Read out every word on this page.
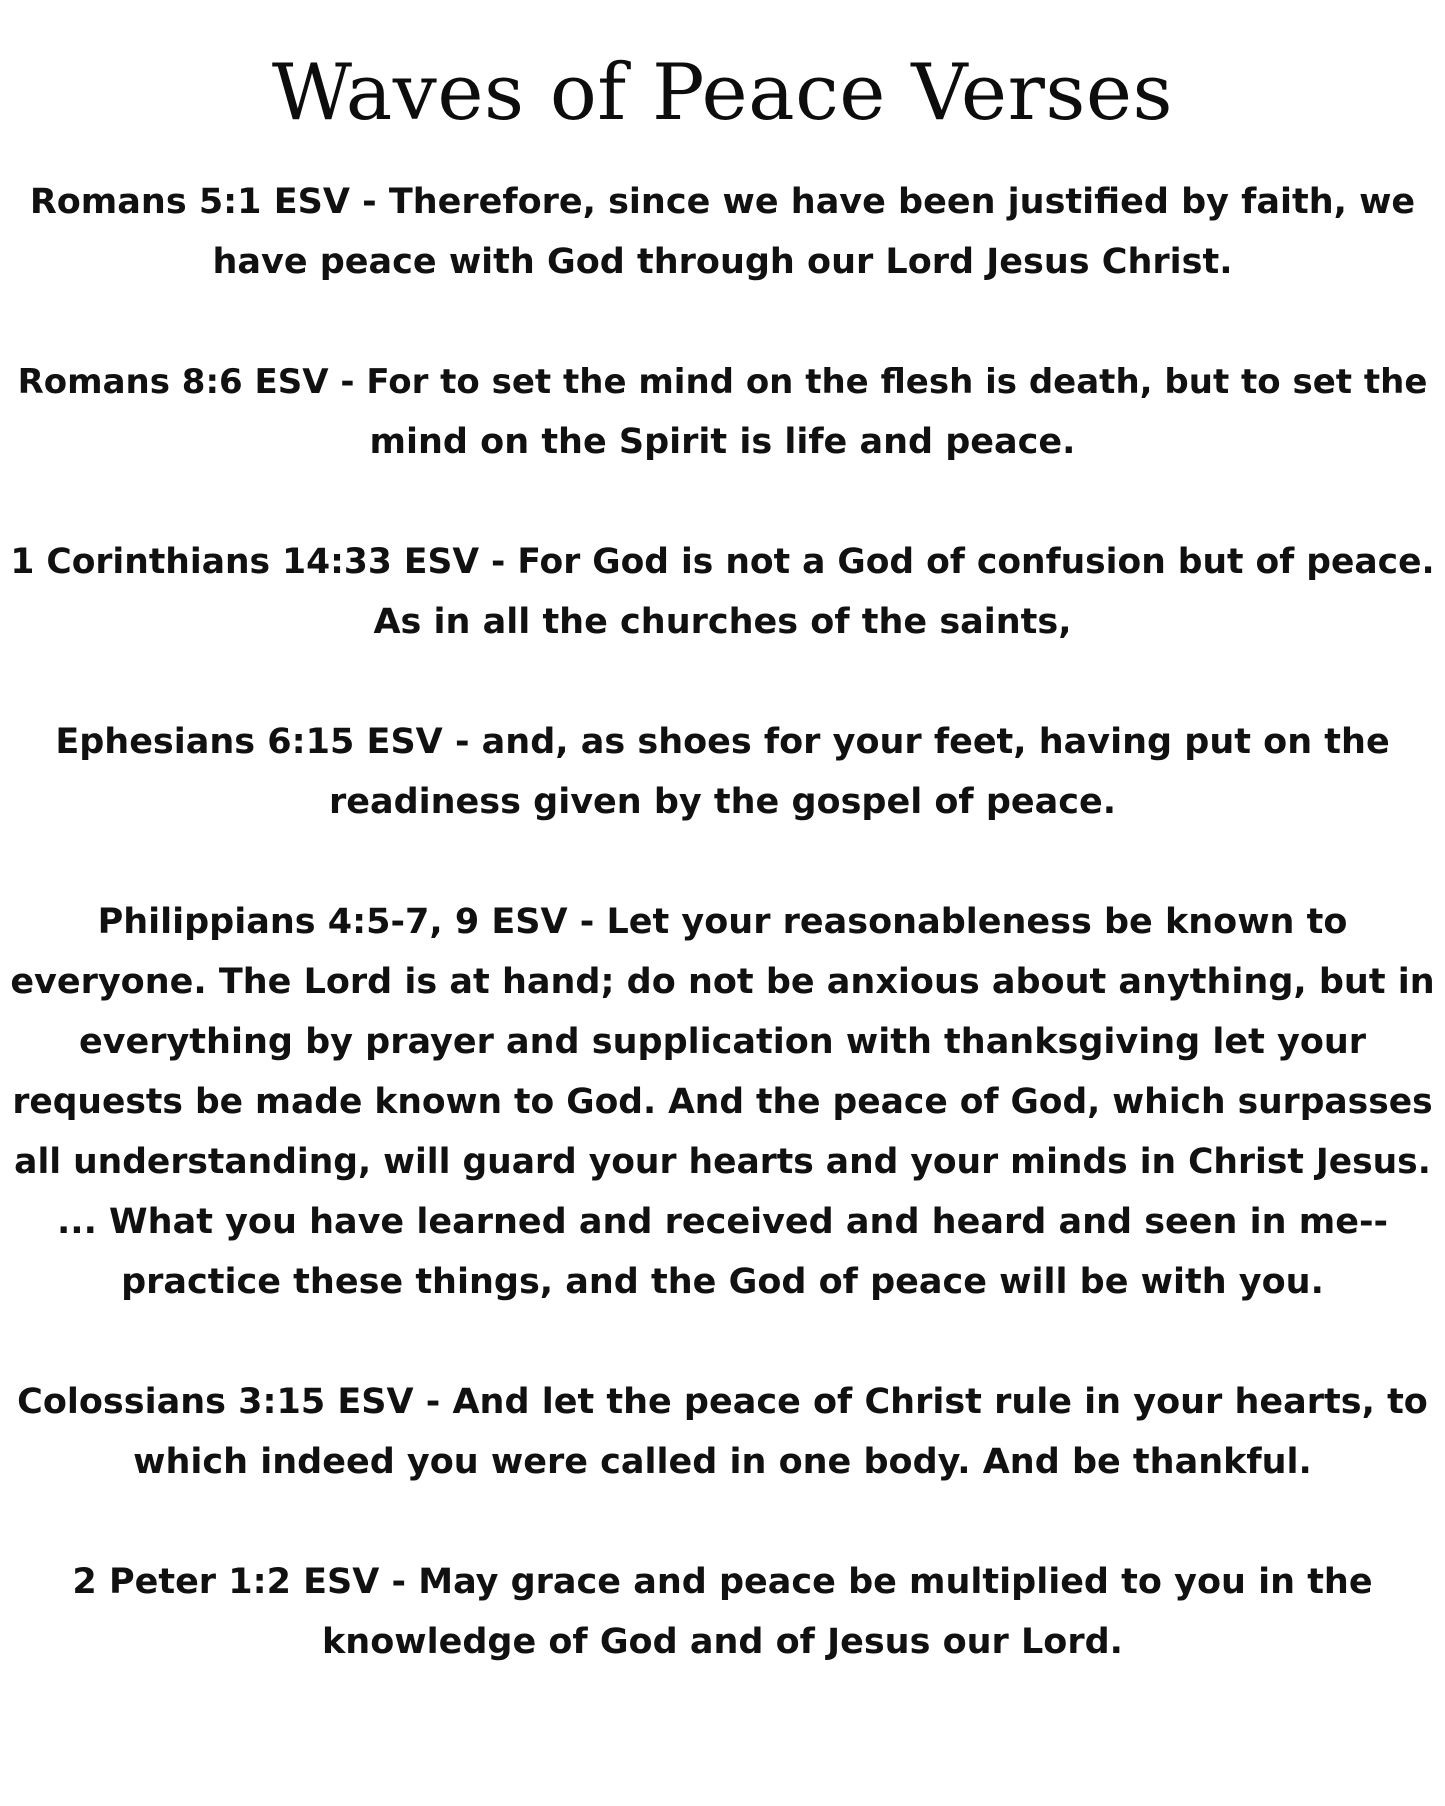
Waves of Peace Verses

Romans 5:1 ESV - Therefore, since we have been justified by faith, we
have peace with God through our Lord Jesus Christ.

Romans 8:6 ESV - For to set the mind on the flesh is death, but to set the
mind on the Spirit is life and peace.

1 Corinthians 14:33 ESV - For God is not a God of confusion but of peace.
As in all the churches of the saints,

Ephesians 6:15 ESV - and, as shoes for your feet, having put on the
readiness given by the gospel of peace.

Philippians 4:5-7, 9 ESV - Let your reasonableness be known to
everyone. The Lord is at hand; do not be anxious about anything, but in
everything by prayer and supplication with thanksgiving let your
requests be made known to God. And the peace of God, which surpasses
all understanding, will guard your hearts and your minds in Christ Jesus.
... What you have learned and received and heard and seen in me--
practice these things, and the God of peace will be with you.

Colossians 3:15 ESV - And let the peace of Christ rule in your hearts, to
which indeed you were called in one body. And be thankful.

2 Peter 1:2 ESV - May grace and peace be multiplied to you in the
knowledge of God and of Jesus our Lord.
